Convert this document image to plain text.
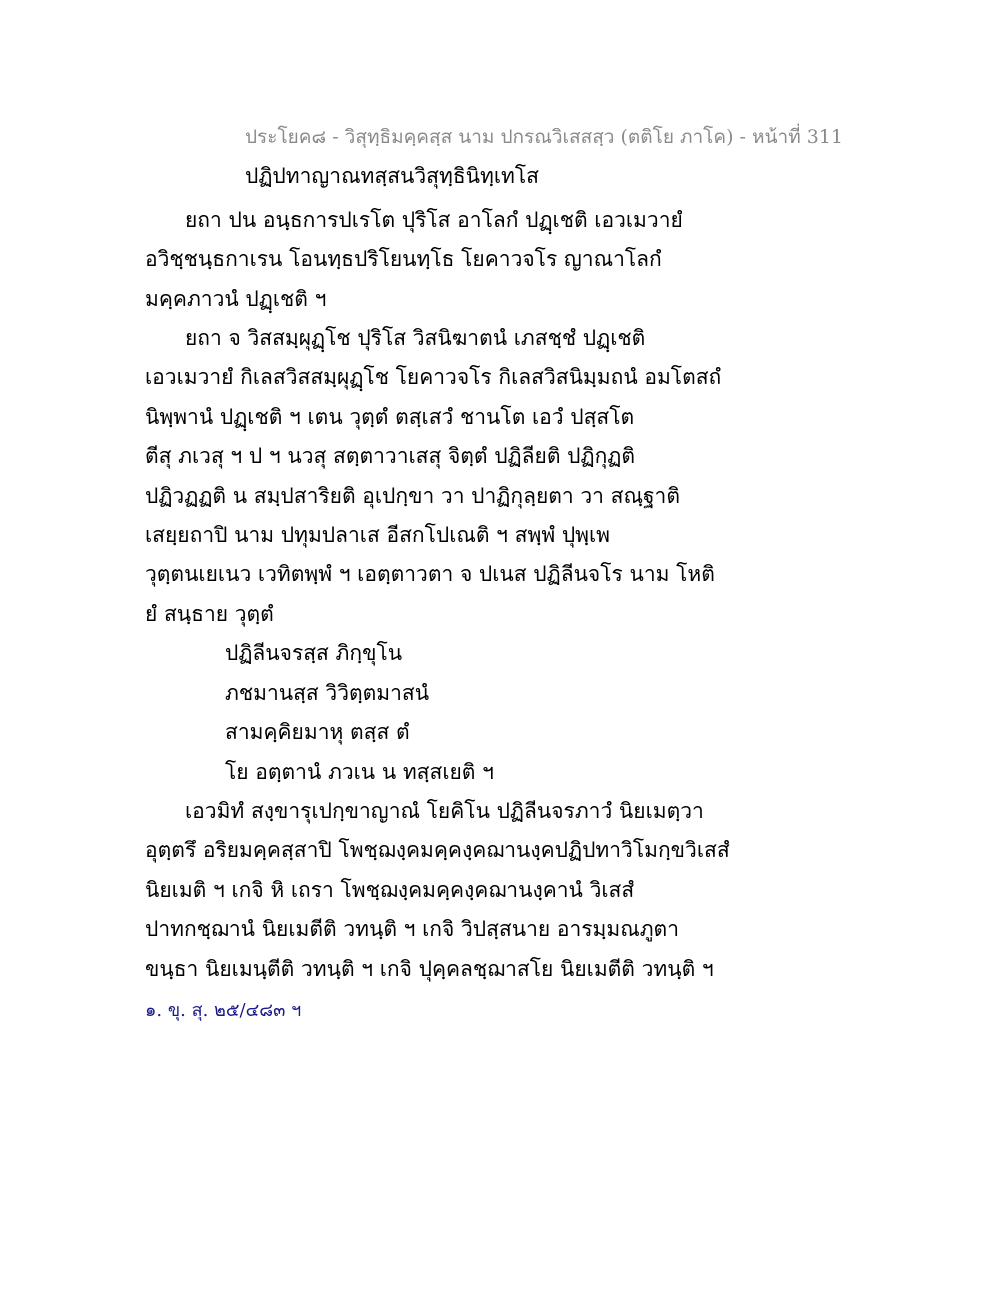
ประโยค๘ - วิสุทฺธิมคฺคสฺส นาม ปกรณวิเสสสฺว (ตติโย ภาโค) - หน้าที่ 311
ปฏิปทาญาณทสฺสนวิสุทฺธินิทฺเทโส
ยถา ปน อนฺธการปเรโต ปุริโส อาโลกํ ปฏฺเชติ เอวเมวายํ
อวิชฺชนฺธกาเรน โอนทฺธปริโยนทฺโธ โยคาวจโร ญาณาโลกํ
มคฺคภาวนํ ปฏฺเชติ ฯ
ยถา จ วิสสมฺผุฏฺโช ปุริโส วิสนิฆาตนํ เภสชฺชํ ปฏฺเชติ
เอวเมวายํ กิเลสวิสสมฺผุฏฺโช โยคาวจโร กิเลสวิสนิมฺมถนํ อมโตสถํ
นิพฺพานํ ปฏฺเชติ ฯ เตน วุตฺตํ ตสฺเสวํ ชานโต เอวํ ปสฺสโต
ตีสุ ภเวสุ ฯ ป ฯ นวสุ สตฺตาวาเสสุ จิตฺตํ ปฏิลียติ ปฏิกุฏติ
ปฏิวฏฏติ น สมฺปสาริยติ อุเปกฺขา วา ปาฏิกุลฺยตา วา สณฺฐาติ
เสยฺยถาปิ นาม ปทุมปลาเส อีสกโปเณติ ฯ สพฺพํ ปุพฺเพ
วุตฺตนเยเนว เวทิตพฺพํ ฯ เอตฺตาวตา จ ปเนส ปฏิลีนจโร นาม โหติ
ยํ สนฺธาย วุตฺตํ
ปฏิลีนจรสฺส ภิกฺขุโน
ภชมานสฺส วิวิตฺตมาสนํ
สามคฺคิยมาหุ ตสฺส ตํ
โย อตฺตานํ ภวเน น ทสฺสเยติ ฯ
เอวมิทํ สงฺขารุเปกฺขาญาณํ โยคิโน ปฏิลีนจรภาวํ นิยเมตฺวา
อุตฺตรึ อริยมคฺคสฺสาปิ โพชฺฌงฺคมคฺคงฺคฌานงฺคปฏิปทาวิโมกฺขวิเสสํ
นิยเมติ ฯ เกจิ หิ เถรา โพชฺฌงฺคมคฺคงฺคฌานงฺคานํ วิเสสํ
ปาทกชฺฌานํ นิยเมตีติ วทนฺติ ฯ เกจิ วิปสฺสนาย อารมฺมณภูตา
ขนฺธา นิยเมนฺตีติ วทนฺติ ฯ เกจิ ปุคฺคลชฺฌาสโย นิยเมตีติ วทนฺติ ฯ
๑. ขุ. สุ. ๒๕/๔๘๓ ฯ
